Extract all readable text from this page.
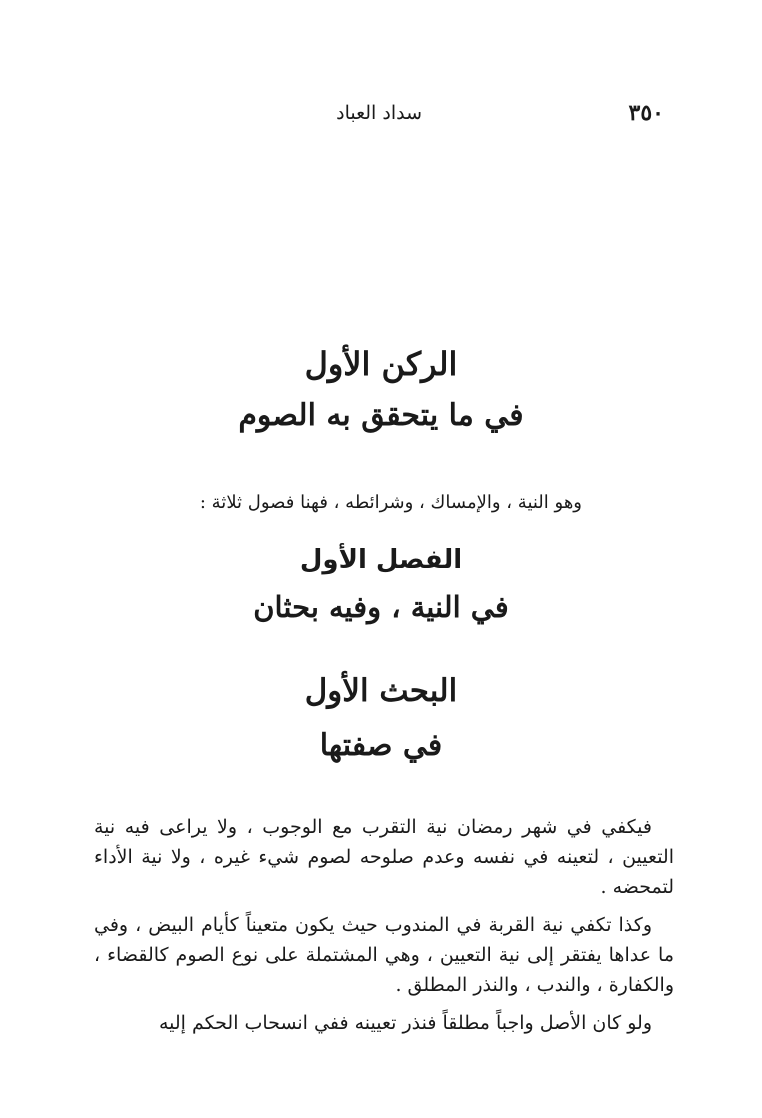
٣٥٠
سداد العباد
الركن الأول
في ما يتحقق به الصوم
وهو النية ، والإمساك ، وشرائطه ، فهنا فصول ثلاثة :
الفصل الأول
في النية ، وفيه بحثان
البحث الأول
في صفتها

فيكفي في شهر رمضان نية التقرب مع الوجوب ، ولا يراعى فيه نية التعيين ، لتعينه في نفسه وعدم صلوحه لصوم شيء غيره ، ولا نية الأداء لتمحضه .

وكذا تكفي نية القربة في المندوب حيث يكون متعيناً كأيام البيض ، وفي ما عداها يفتقر إلى نية التعيين ، وهي المشتملة على نوع الصوم كالقضاء ، والكفارة ، والندب ، والنذر المطلق .

ولو كان الأصل واجباً مطلقاً فنذر تعيينه ففي انسحاب الحكم إليه
